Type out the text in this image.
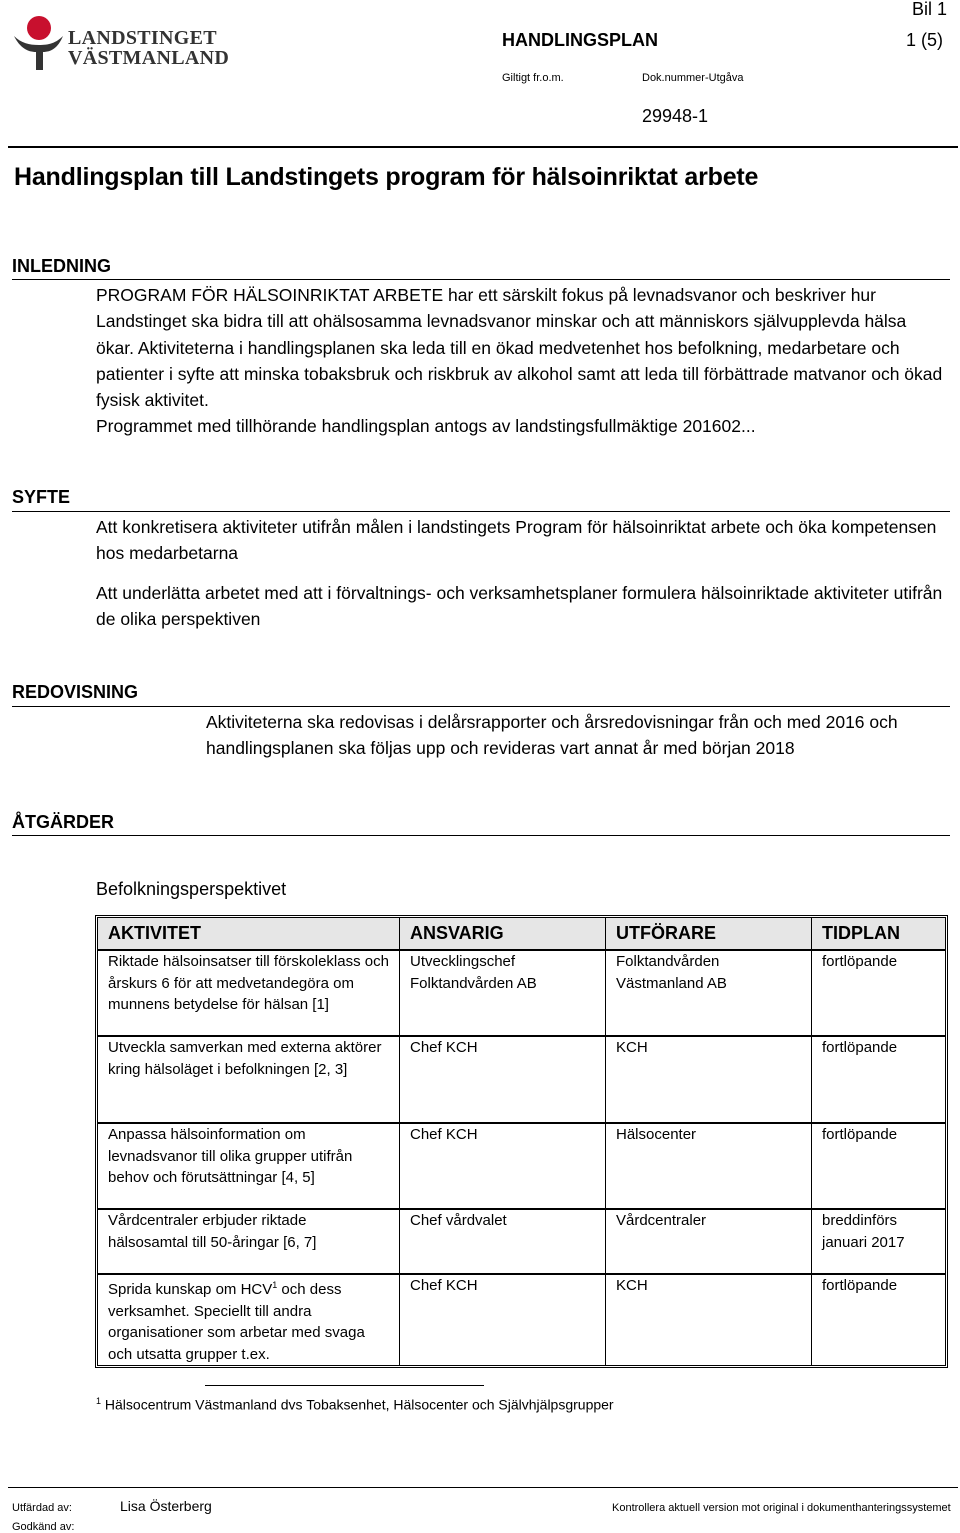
LANDSTINGET
VÄSTMANLAND
Bil 1
HANDLINGSPLAN	1 (5)
Giltigt fr.o.m.	Dok.nummer-Utgåva
29948-1
Handlingsplan till Landstingets program för hälsoinriktat arbete
INLEDNING

PROGRAM FÖR HÄLSOINRIKTAT ARBETE har ett särskilt fokus på levnadsvanor och beskriver hur Landstinget ska bidra till att ohälsosamma levnadsvanor minskar och att människors självupplevda hälsa ökar. Aktiviteterna i handlingsplanen ska leda till en ökad medvetenhet hos befolkning, medarbetare och patienter i syfte att minska tobaksbruk och riskbruk av alkohol samt att leda till förbättrade matvanor och ökad fysisk aktivitet.

Programmet med tillhörande handlingsplan antogs av landstingsfullmäktige 201602...

SYFTE
Att konkretisera aktiviteter utifrån målen i landstingets Program för hälsoinriktat arbete och öka kompetensen hos medarbetarna
Att underlätta arbetet med att i förvaltnings- och verksamhetsplaner formulera hälsoinriktade aktiviteter utifrån de olika perspektiven
REDOVISNING
Aktiviteterna ska redovisas i delårsrapporter och årsredovisningar från och med 2016 och handlingsplanen ska följas upp och revideras vart annat år med början 2018
ÅTGÄRDER
Befolkningsperspektivet
AKTIVITET	ANSVARIG	UTFÖRARE	TIDPLAN
Riktade hälsoinsatser till förskoleklass och årskurs 6 för att medvetandegöra om munnens betydelse för hälsan [1]	Utvecklingschef Folktandvården AB	Folktandvården Västmanland AB	fortlöpande
Utveckla samverkan med externa aktörer kring hälsoläget i befolkningen [2, 3]	Chef KCH	KCH	fortlöpande
Anpassa hälsoinformation om levnadsvanor till olika grupper utifrån behov och förutsättningar [4, 5]	Chef KCH	Hälsocenter	fortlöpande
Vårdcentraler erbjuder riktade hälsosamtal till 50-åringar [6, 7]	Chef vårdvalet	Vårdcentraler	breddinförs januari 2017
Sprida kunskap om HCV$^1$ och dess verksamhet. Speciellt till andra organisationer som arbetar med svaga och utsatta grupper t.ex.	Chef KCH	KCH	fortlöpande
$^1$ Hälsocentrum Västmanland dvs Tobaksenhet, Hälsocenter och Självhjälpsgrupper
Utfärdad av:	Lisa Österberg
Godkänd av:
Kontrollera aktuell version mot original i dokumenthanteringssystemet
